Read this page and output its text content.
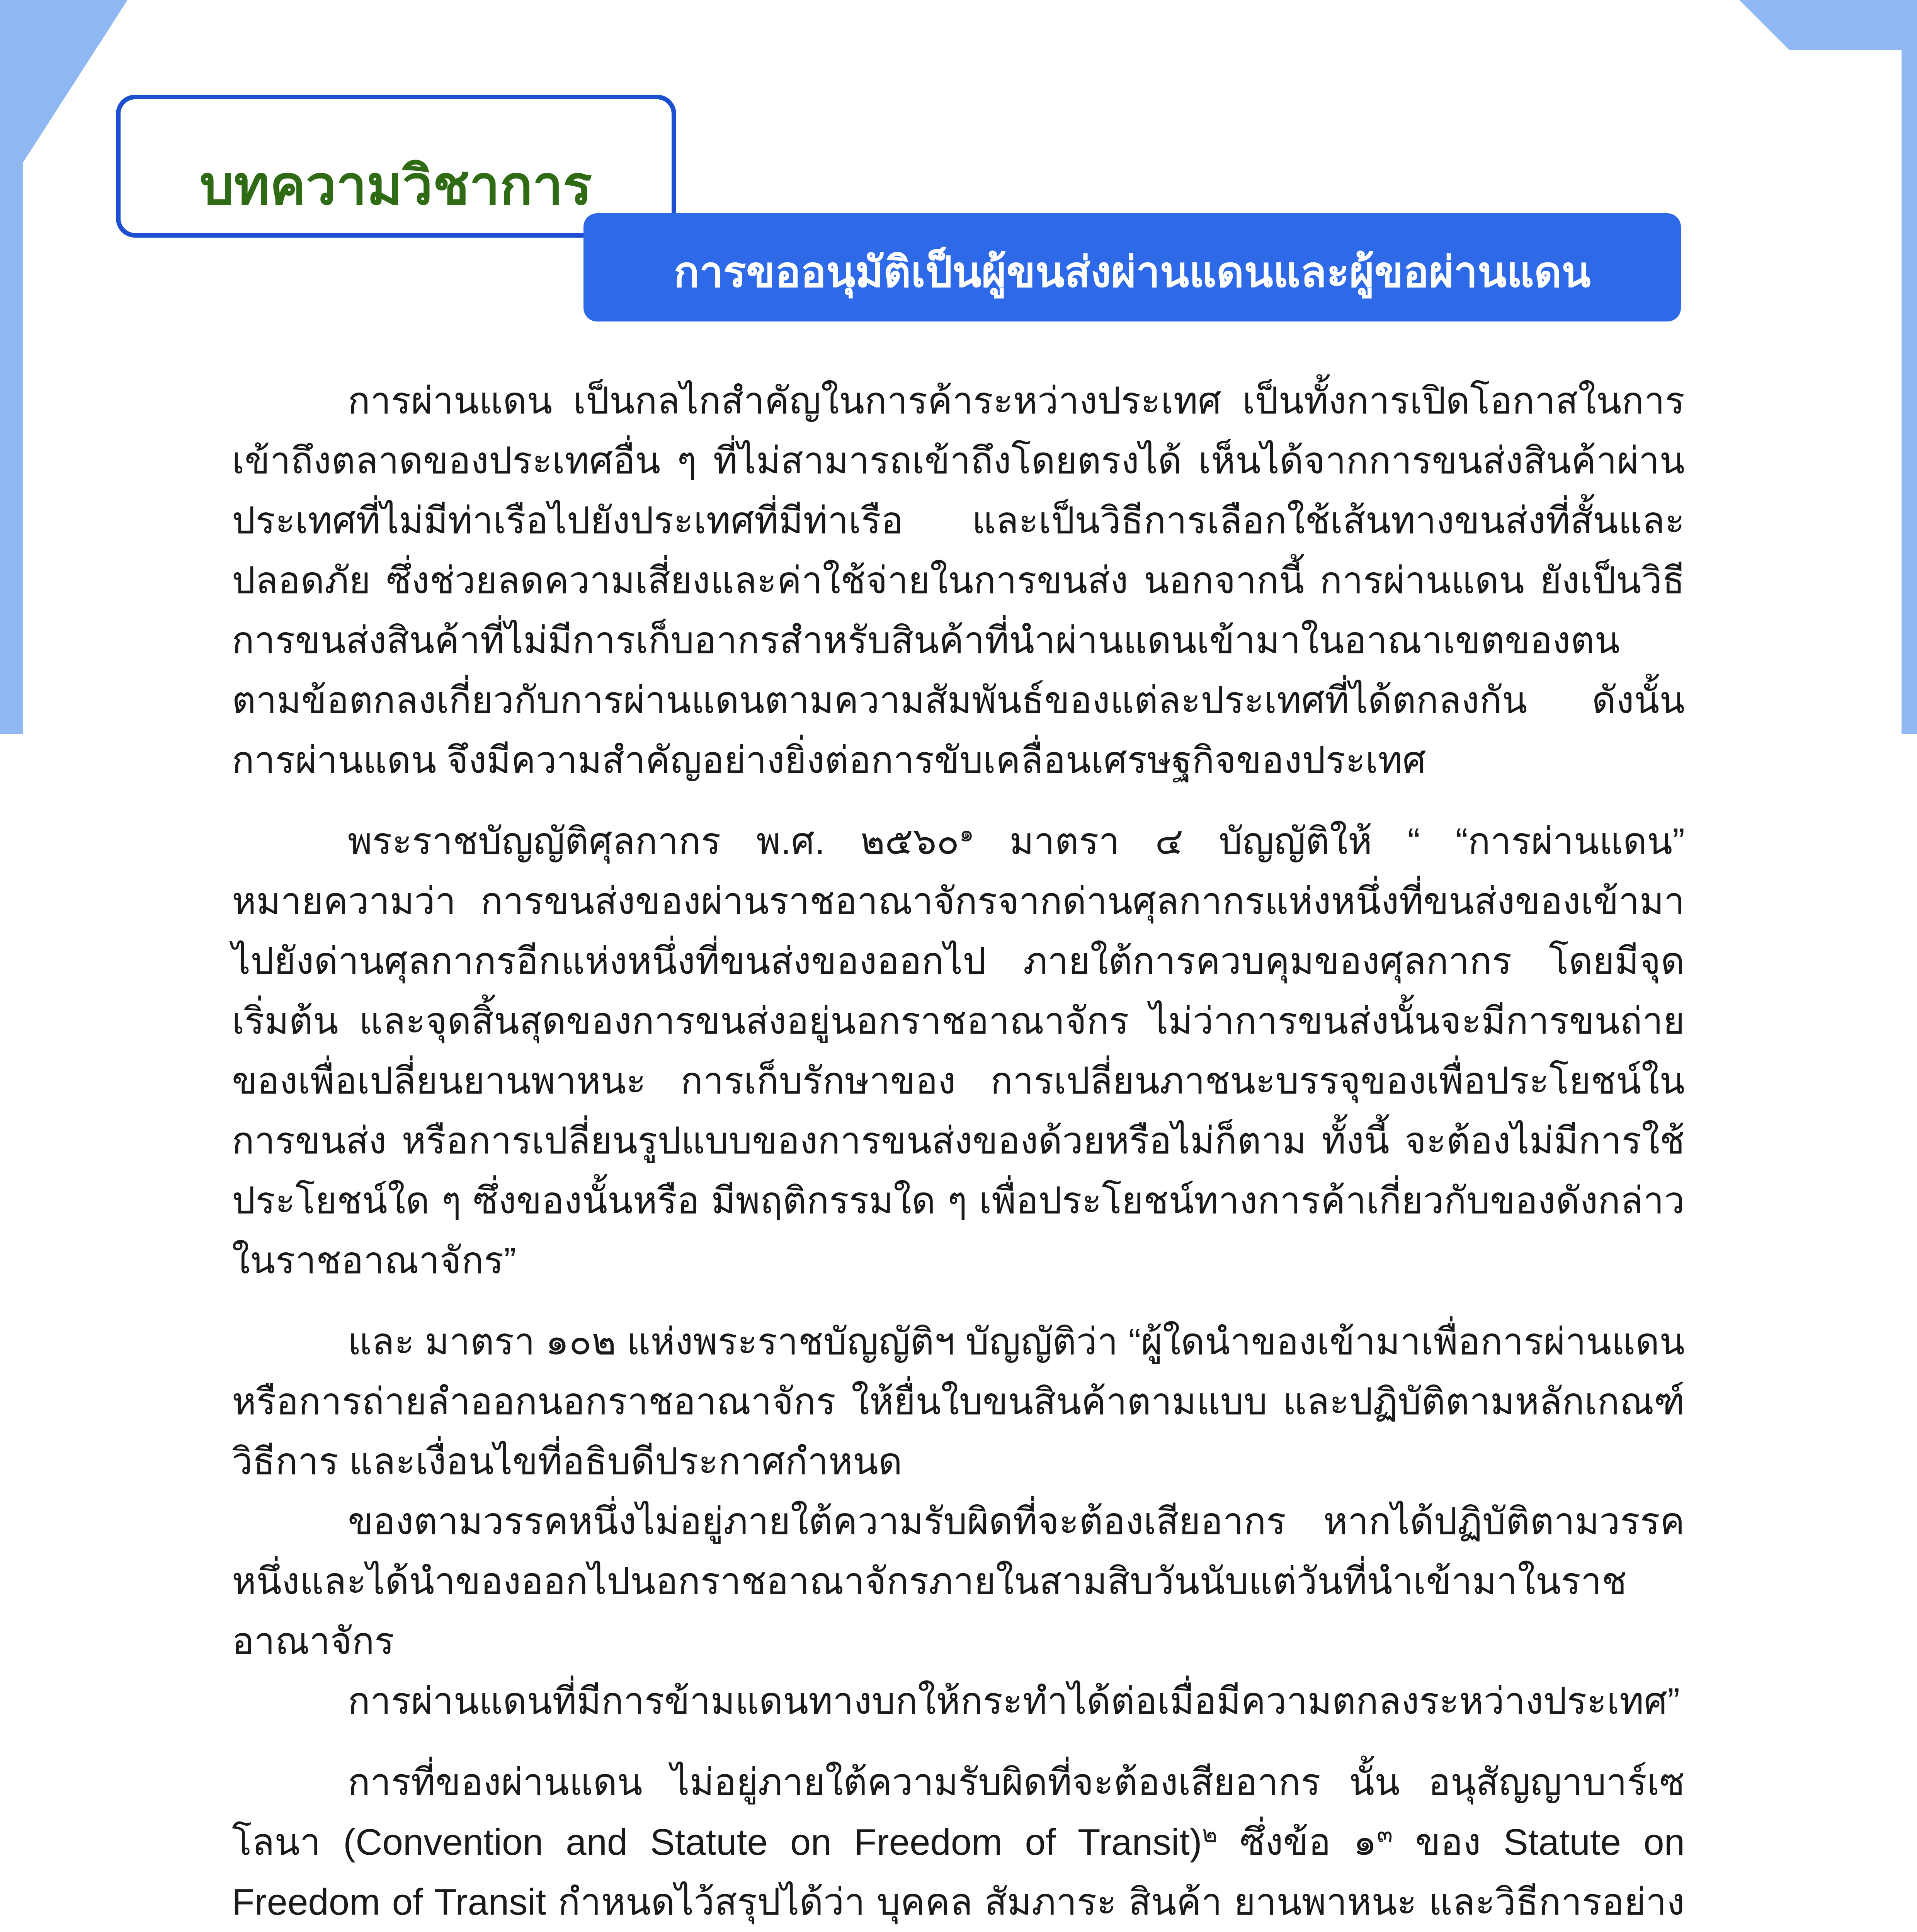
บทความวิชาการ
การขออนุมัติเป็นผู้ขนส่งผ่านแดนและผู้ขอผ่านแดน

การผ่านแดน เป็นกลไกสำคัญในการค้าระหว่างประเทศ เป็นทั้งการเปิดโอกาสในการเข้าถึงตลาดของประเทศอื่น ๆ ที่ไม่สามารถเข้าถึงโดยตรงได้ เห็นได้จากการขนส่งสินค้าผ่านประเทศที่ไม่มีท่าเรือไปยังประเทศที่มีท่าเรือ และเป็นวิธีการเลือกใช้เส้นทางขนส่งที่สั้นและปลอดภัย ซึ่งช่วยลดความเสี่ยงและค่าใช้จ่ายในการขนส่ง นอกจากนี้ การผ่านแดน ยังเป็นวิธีการขนส่งสินค้าที่ไม่มีการเก็บอากรสำหรับสินค้าที่นำผ่านแดนเข้ามาในอาณาเขตของตนตามข้อตกลงเกี่ยวกับการผ่านแดนตามความสัมพันธ์ของแต่ละประเทศที่ได้ตกลงกัน ดังนั้น การผ่านแดน จึงมีความสำคัญอย่างยิ่งต่อการขับเคลื่อนเศรษฐกิจของประเทศ

พระราชบัญญัติศุลกากร พ.ศ. ๒๕๖๐$^๑$ มาตรา ๔ บัญญัติให้ “ “การผ่านแดน” หมายความว่า การขนส่งของผ่านราชอาณาจักรจากด่านศุลกากรแห่งหนึ่งที่ขนส่งของเข้ามา ไปยังด่านศุลกากรอีกแห่งหนึ่งที่ขนส่งของออกไป ภายใต้การควบคุมของศุลกากร โดยมีจุดเริ่มต้น และจุดสิ้นสุดของการขนส่งอยู่นอกราชอาณาจักร ไม่ว่าการขนส่งนั้นจะมีการขนถ่ายของเพื่อเปลี่ยนยานพาหนะ การเก็บรักษาของ การเปลี่ยนภาชนะบรรจุของเพื่อประโยชน์ในการขนส่ง หรือการเปลี่ยนรูปแบบของการขนส่งของด้วยหรือไม่ก็ตาม ทั้งนี้ จะต้องไม่มีการใช้ประโยชน์ใด ๆ ซึ่งของนั้นหรือ มีพฤติกรรมใด ๆ เพื่อประโยชน์ทางการค้าเกี่ยวกับของดังกล่าวในราชอาณาจักร”

และ มาตรา ๑๐๒ แห่งพระราชบัญญัติฯ บัญญัติว่า “ผู้ใดนำของเข้ามาเพื่อการผ่านแดนหรือการถ่ายลำออกนอกราชอาณาจักร ให้ยื่นใบขนสินค้าตามแบบ และปฏิบัติตามหลักเกณฑ์ วิธีการ และเงื่อนไขที่อธิบดีประกาศกำหนด

ของตามวรรคหนึ่งไม่อยู่ภายใต้ความรับผิดที่จะต้องเสียอากร หากได้ปฏิบัติตามวรรคหนึ่งและได้นำของออกไปนอกราชอาณาจักรภายในสามสิบวันนับแต่วันที่นำเข้ามาในราชอาณาจักร

การผ่านแดนที่มีการข้ามแดนทางบกให้กระทำได้ต่อเมื่อมีความตกลงระหว่างประเทศ”

การที่ของผ่านแดน ไม่อยู่ภายใต้ความรับผิดที่จะต้องเสียอากร นั้น อนุสัญญาบาร์เซโลนา (Convention and Statute on Freedom of Transit)$^๒$ ซึ่งข้อ ๑$^๓$ ของ Statute on Freedom of Transit กำหนดไว้สรุปได้ว่า บุคคล สัมภาระ สินค้า ยานพาหนะ และวิธีการอย่าง
